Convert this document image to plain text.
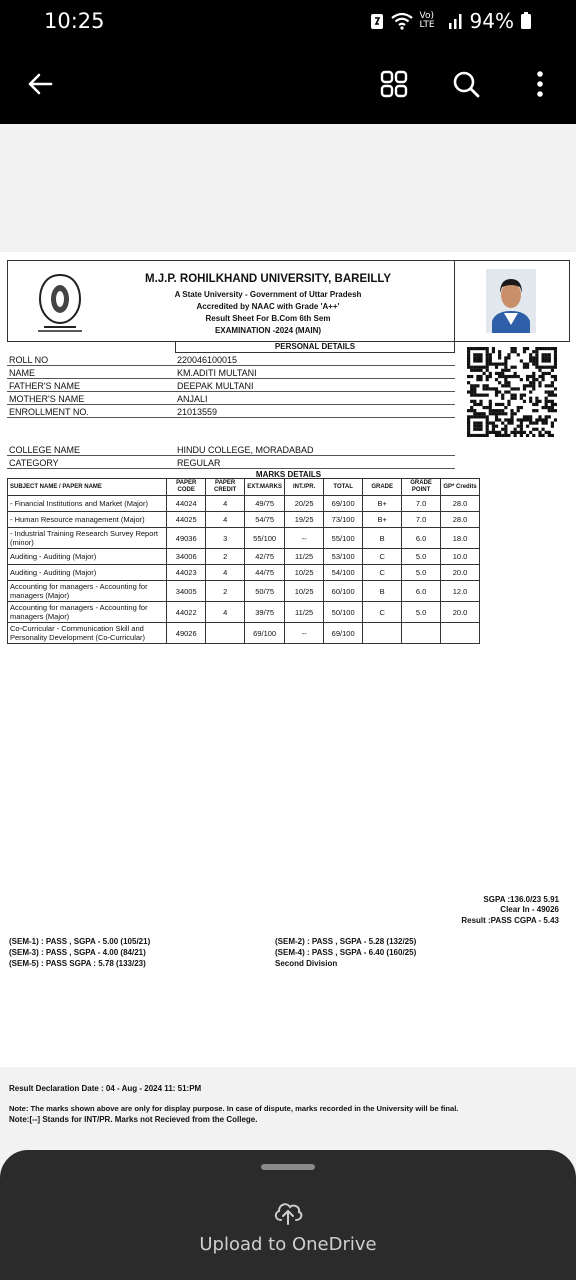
10:25	Vo) LTE	94%
M.J.P. ROHILKHAND UNIVERSITY, BAREILLY
A State University - Government of Uttar Pradesh
Accredited by NAAC with Grade 'A++'
Result Sheet For B.Com 6th Sem
EXAMINATION -2024 (MAIN)
PERSONAL DETAILS
ROLL NO	220046100015
NAME	KM.ADITI MULTANI
FATHER'S NAME	DEEPAK MULTANI
MOTHER'S NAME	ANJALI
ENROLLMENT NO.	21013559
COLLEGE NAME	HINDU COLLEGE, MORADABAD
CATEGORY	REGULAR
MARKS DETAILS
SUBJECT NAME / PAPER NAME	PAPER CODE	PAPER CREDIT	EXT.MARKS	INT./PR.	TOTAL	GRADE	GRADE POINT	GP* Credits
- Financial Institutions and Market (Major)	44024	4	49/75	20/25	69/100	B+	7.0	28.0
- Human Resource management (Major)	44025	4	54/75	19/25	73/100	B+	7.0	28.0
- Industrial Training Research Survey Report (minor)	49036	3	55/100	--	55/100	B	6.0	18.0
Auditing - Auditing (Major)	34006	2	42/75	11/25	53/100	C	5.0	10.0
Auditing - Auditing (Major)	44023	4	44/75	10/25	54/100	C	5.0	20.0
Accounting for managers - Accounting for managers (Major)	34005	2	50/75	10/25	60/100	B	6.0	12.0
Accounting for managers - Accounting for managers (Major)	44022	4	39/75	11/25	50/100	C	5.0	20.0
Co-Curricular - Communication Skill and Personality Development (Co-Curricular)	49026		69/100	--	69/100			
SGPA :136.0/23 5.91
Clear In - 49026
Result :PASS CGPA - 5.43
(SEM-1) : PASS , SGPA - 5.00 (105/21)
(SEM-3) : PASS , SGPA - 4.00 (84/21)
(SEM-5) : PASS SGPA : 5.78 (133/23)
(SEM-2) : PASS , SGPA - 5.28 (132/25)
(SEM-4) : PASS , SGPA - 6.40 (160/25)
Second Division
Result Declaration Date : 04 - Aug - 2024 11: 51:PM
Note: The marks shown above are only for display purpose. In case of dispute, marks recorded in the University will be final.
Note:[--] Stands for INT/PR. Marks not Recieved from the College.
Upload to OneDrive
